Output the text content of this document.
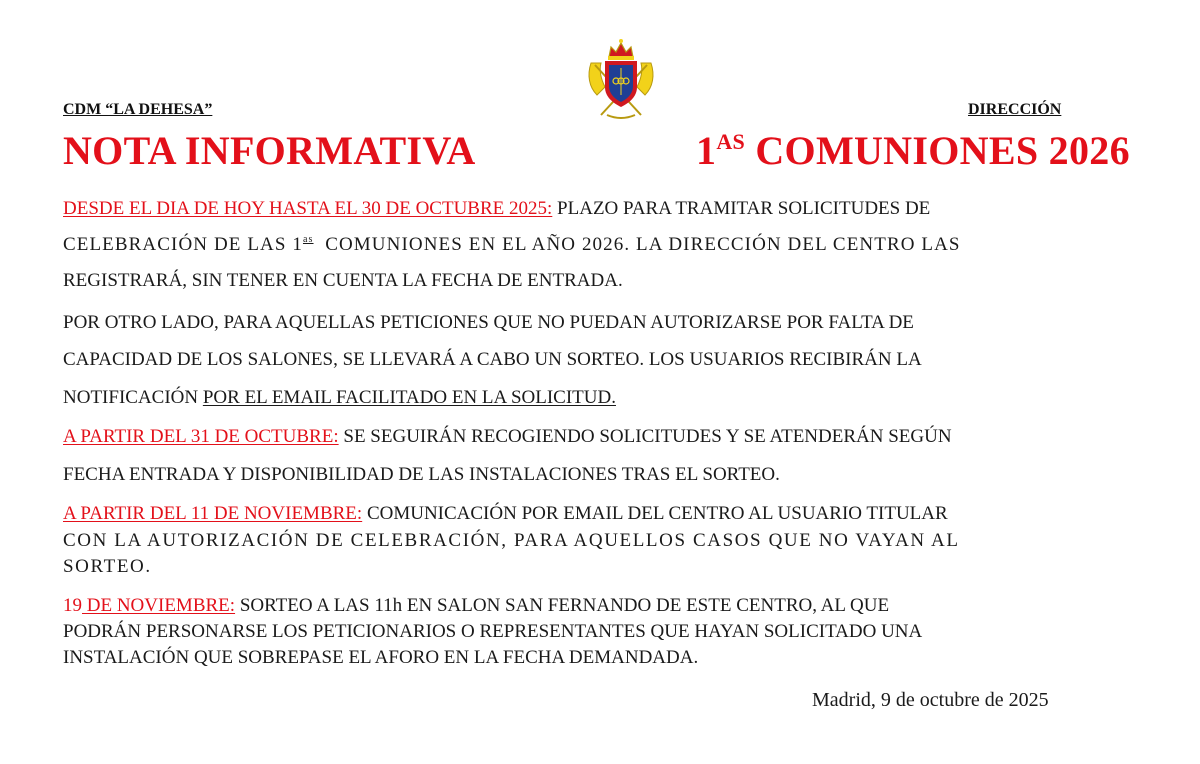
CDM “LA DEHESA”	DIRECCIÓN
NOTA INFORMATIVA	$1^{AS}$ COMUNIONES 2026
DESDE EL DIA DE HOY HASTA EL 30 DE OCTUBRE 2025: PLAZO PARA TRAMITAR SOLICITUDES DE
CELEBRACIÓN DE LAS $1^{as}$  COMUNIONES EN EL AÑO 2026. LA DIRECCIÓN DEL CENTRO LAS
REGISTRARÁ, SIN TENER EN CUENTA LA FECHA DE ENTRADA.
POR OTRO LADO, PARA AQUELLAS PETICIONES QUE NO PUEDAN AUTORIZARSE POR FALTA DE
CAPACIDAD DE LOS SALONES, SE LLEVARÁ A CABO UN SORTEO. LOS USUARIOS RECIBIRÁN LA
NOTIFICACIÓN POR EL EMAIL FACILITADO EN LA SOLICITUD.
A PARTIR DEL 31 DE OCTUBRE: SE SEGUIRÁN RECOGIENDO SOLICITUDES Y SE ATENDERÁN SEGÚN
FECHA ENTRADA Y DISPONIBILIDAD DE LAS INSTALACIONES TRAS EL SORTEO.
A PARTIR DEL 11 DE NOVIEMBRE: COMUNICACIÓN POR EMAIL DEL CENTRO AL USUARIO TITULAR
CON LA AUTORIZACIÓN DE CELEBRACIÓN, PARA AQUELLOS CASOS QUE NO VAYAN AL
SORTEO.
19 DE NOVIEMBRE: SORTEO A LAS 11h EN SALON SAN FERNANDO DE ESTE CENTRO, AL QUE
PODRÁN PERSONARSE LOS PETICIONARIOS O REPRESENTANTES QUE HAYAN SOLICITADO UNA
INSTALACIÓN QUE SOBREPASE EL AFORO EN LA FECHA DEMANDADA.
Madrid, 9 de octubre de 2025
